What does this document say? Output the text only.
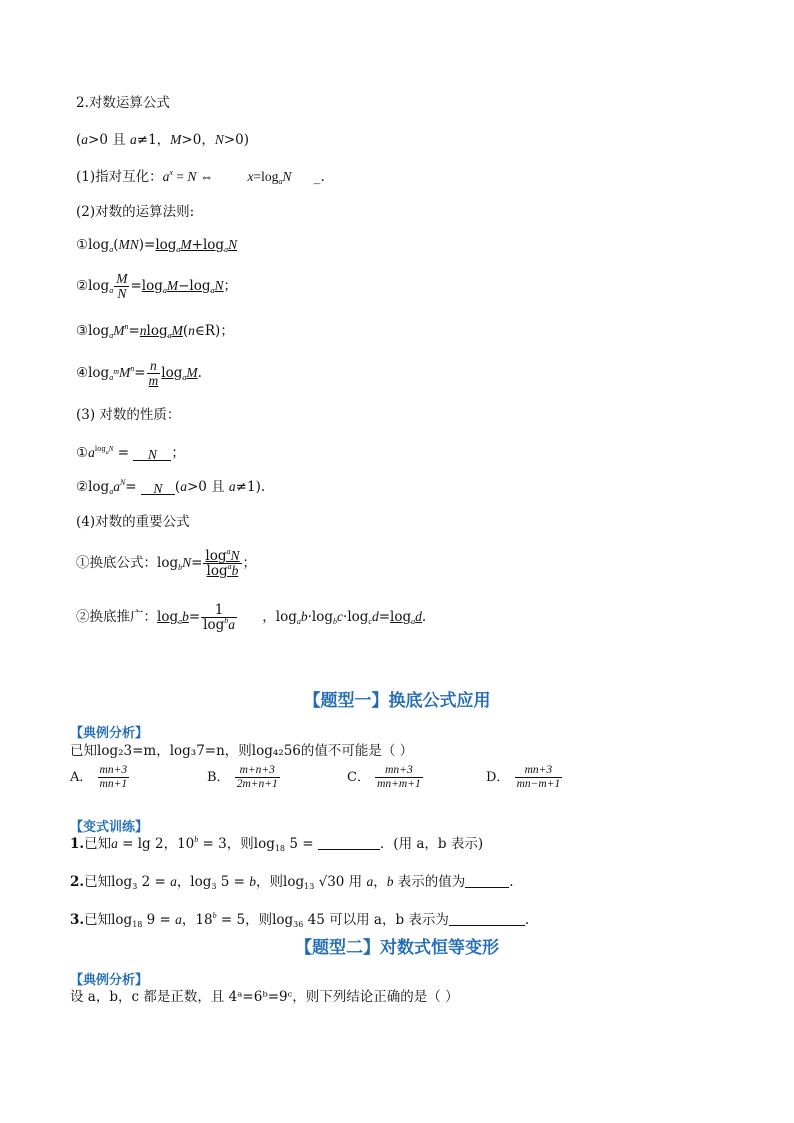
2.对数运算公式
(a>0 且 a≠1，M>0，N>0)
(1)指对互化：$a^x = N$ ⇔	$x=\log_aN$ _.
(2)对数的运算法则:
$①\log_a(MN)=\log_aM+\log_aN$
$②\log_a \frac{M}{N} =\log_aM-\log_aN$；
$③\log_aM^n=nlog_aM(n\in R)$；
$④\log_{a^m}M^n= \frac{n}{m} \log_aM$.
(3) 对数的性质：
$①a^{log_aN} = N$ ；
$②\log_aa^N= N$ (a>0 且 a≠1).
(4)对数的重要公式
①换底公式：$\log_bN= \frac{\log^aN}{\log^ab}$ ；
②换底推广：$\log_ab= \frac{1}{\log^ba}$ ，$\log_ab\cdot\log_bc\cdot\log_cd=\log_ad$.
【题型一】换底公式应用
【典例分析】
已知log₂3=m，log₃7=n，则log₄₂56的值不可能是（ ）
A． $\frac{mn+3}{mn+1}$	B． $\frac{m+n+3}{2m+n+1}$	C． $\frac{mn+3}{mn+m+1}$	D． $\frac{mn+3}{mn-m+1}$
【变式训练】
1.已知a = lg 2，$10^b = 3$，则$\log_{18} 5$ =	．(用 a，b 表示)
2.已知$\log_3 2 = a$，$\log_3 5 = b$，则$\log_{13} √30$ 用 a，b 表示的值为	.
3.已知$\log_{18} 9 = a$，$18^b = 5$，则$\log_{36} 45$ 可以用 a，b 表示为	.
【题型二】对数式恒等变形
【典例分析】
设 a，b，c 都是正数，且 4ᵃ=6ᵇ=9ᶜ，则下列结论正确的是（ ）
